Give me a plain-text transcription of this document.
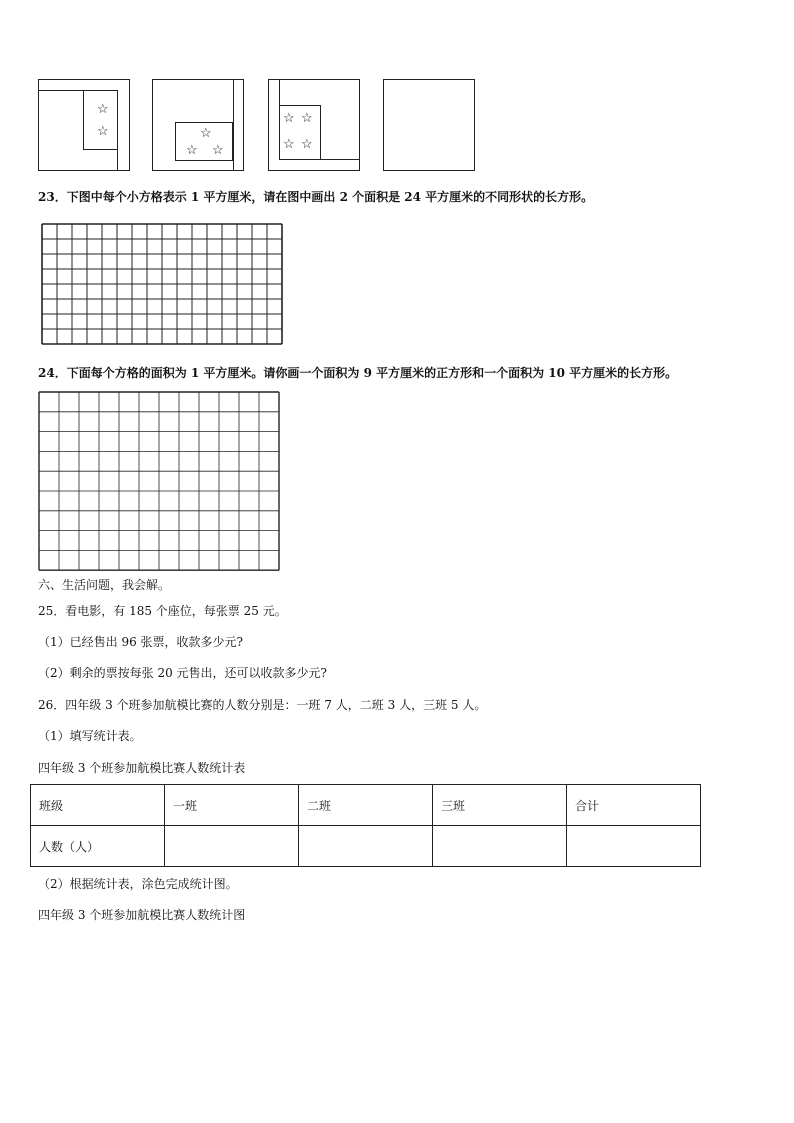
☆
☆	☆
☆ ☆
☆ ☆
☆ ☆
23．下图中每个小方格表示 1 平方厘米，请在图中画出 2 个面积是 24 平方厘米的不同形状的长方形。
24．下面每个方格的面积为 1 平方厘米。请你画一个面积为 9 平方厘米的正方形和一个面积为 10 平方厘米的长方形。
六、生活问题，我会解。
25．看电影，有 185 个座位，每张票 25 元。
（1）已经售出 96 张票，收款多少元?
（2）剩余的票按每张 20 元售出，还可以收款多少元?
26．四年级 3 个班参加航模比赛的人数分别是：一班 7 人，二班 3 人，三班 5 人。
（1）填写统计表。
四年级 3 个班参加航模比赛人数统计表
班级	一班	二班	三班	合计
人数（人）				
（2）根据统计表，涂色完成统计图。
四年级 3 个班参加航模比赛人数统计图
